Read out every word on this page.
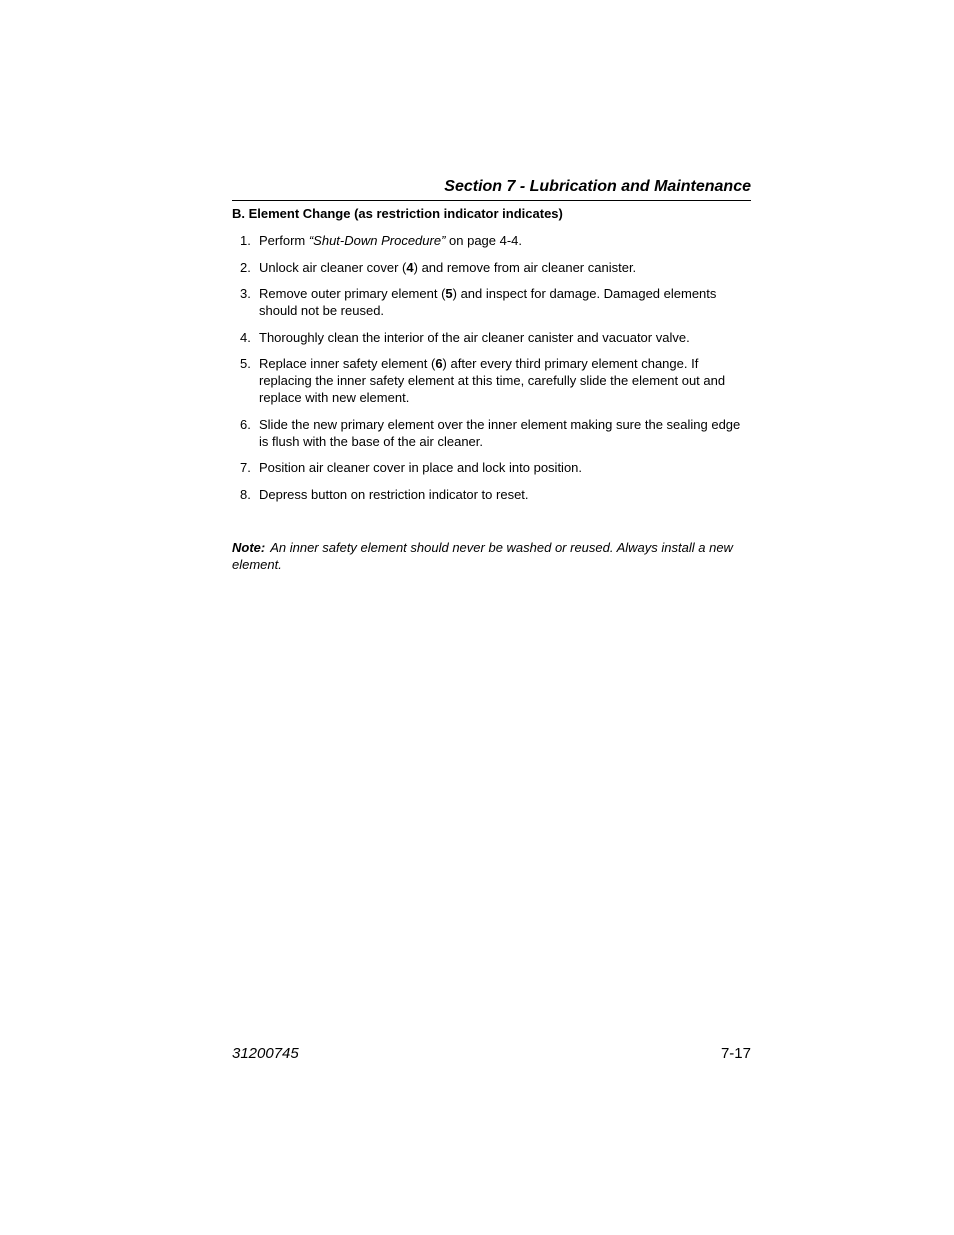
Section 7 - Lubrication and Maintenance
B. Element Change (as restriction indicator indicates)
1. Perform “Shut-Down Procedure” on page 4-4.
2. Unlock air cleaner cover (4) and remove from air cleaner canister.
3. Remove outer primary element (5) and inspect for damage. Damaged elements should not be reused.
4. Thoroughly clean the interior of the air cleaner canister and vacuator valve.
5. Replace inner safety element (6) after every third primary element change. If replacing the inner safety element at this time, carefully slide the element out and replace with new element.
6. Slide the new primary element over the inner element making sure the sealing edge is flush with the base of the air cleaner.
7. Position air cleaner cover in place and lock into position.
8. Depress button on restriction indicator to reset.
Note: An inner safety element should never be washed or reused. Always install a new element.
31200745	7-17
